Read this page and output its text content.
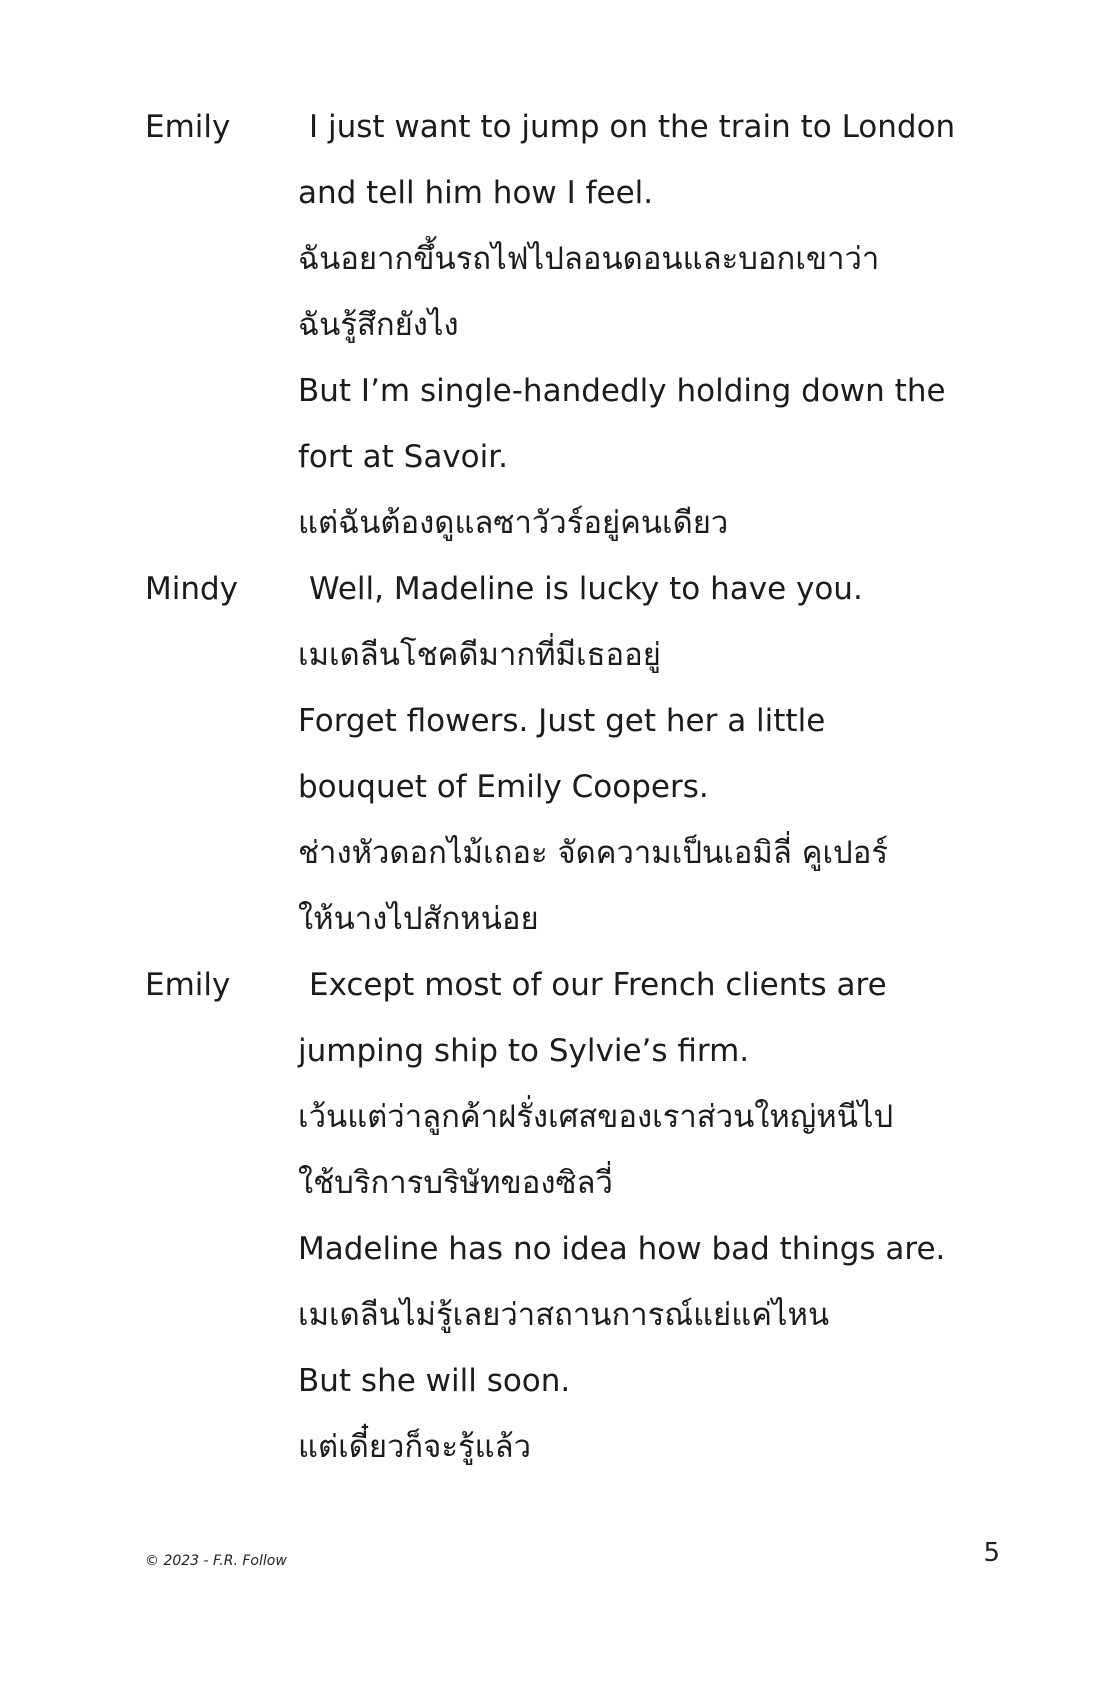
Emily	I just want to jump on the train to London
and tell him how I feel.
ฉันอยากขึ้นรถไฟไปลอนดอนและบอกเขาว่า
ฉันรู้สึกยังไง
But I’m single-handedly holding down the
fort at Savoir.
แต่ฉันต้องดูแลซาวัวร์อยู่คนเดียว
Mindy	Well, Madeline is lucky to have you.
เมเดลีนโชคดีมากที่มีเธออยู่
Forget flowers. Just get her a little
bouquet of Emily Coopers.
ช่างหัวดอกไม้เถอะ จัดความเป็นเอมิลี่ คูเปอร์
ให้นางไปสักหน่อย
Emily	Except most of our French clients are
jumping ship to Sylvie’s firm.
เว้นแต่ว่าลูกค้าฝรั่งเศสของเราส่วนใหญ่หนีไป
ใช้บริการบริษัทของซิลวี่
Madeline has no idea how bad things are.
เมเดลีนไม่รู้เลยว่าสถานการณ์แย่แค่ไหน
But she will soon.
แต่เดี๋ยวก็จะรู้แล้ว
© 2023 - F.R. Follow	5
